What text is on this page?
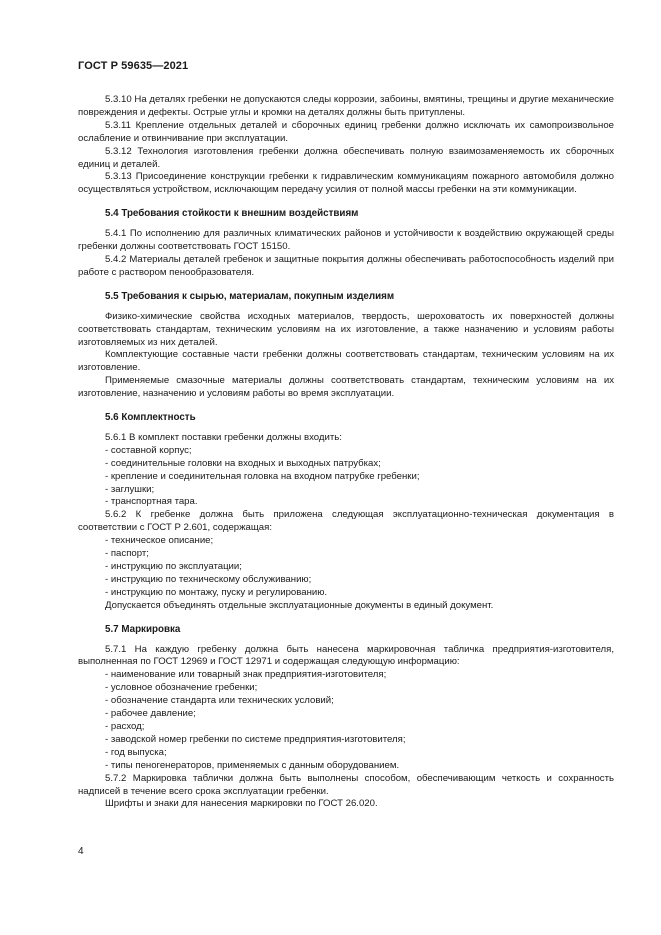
ГОСТ Р 59635—2021

5.3.10 На деталях гребенки не допускаются следы коррозии, забоины, вмятины, трещины и другие механические повреждения и дефекты. Острые углы и кромки на деталях должны быть притуплены.

5.3.11 Крепление отдельных деталей и сборочных единиц гребенки должно исключать их самопроизвольное ослабление и отвинчивание при эксплуатации.

5.3.12 Технология изготовления гребенки должна обеспечивать полную взаимозаменяемость их сборочных единиц и деталей.

5.3.13 Присоединение конструкции гребенки к гидравлическим коммуникациям пожарного автомобиля должно осуществляться устройством, исключающим передачу усилия от полной массы гребенки на эти коммуникации.

5.4 Требования стойкости к внешним воздействиям

5.4.1 По исполнению для различных климатических районов и устойчивости к воздействию окружающей среды гребенки должны соответствовать ГОСТ 15150.

5.4.2 Материалы деталей гребенок и защитные покрытия должны обеспечивать работоспособность изделий при работе с раствором пенообразователя.

5.5 Требования к сырью, материалам, покупным изделиям

Физико-химические свойства исходных материалов, твердость, шероховатость их поверхностей должны соответствовать стандартам, техническим условиям на их изготовление, а также назначению и условиям работы изготовляемых из них деталей.

Комплектующие составные части гребенки должны соответствовать стандартам, техническим условиям на их изготовление.

Применяемые смазочные материалы должны соответствовать стандартам, техническим условиям на их изготовление, назначению и условиям работы во время эксплуатации.

5.6 Комплектность

5.6.1 В комплект поставки гребенки должны входить:

- составной корпус;

- соединительные головки на входных и выходных патрубках;

- крепление и соединительная головка на входном патрубке гребенки;

- заглушки;

- транспортная тара.

5.6.2 К гребенке должна быть приложена следующая эксплуатационно-техническая документация в соответствии с ГОСТ Р 2.601, содержащая:

- техническое описание;

- паспорт;

- инструкцию по эксплуатации;

- инструкцию по техническому обслуживанию;

- инструкцию по монтажу, пуску и регулированию.

Допускается объединять отдельные эксплуатационные документы в единый документ.

5.7 Маркировка

5.7.1 На каждую гребенку должна быть нанесена маркировочная табличка предприятия-изготовителя, выполненная по ГОСТ 12969 и ГОСТ 12971 и содержащая следующую информацию:

- наименование или товарный знак предприятия-изготовителя;

- условное обозначение гребенки;

- обозначение стандарта или технических условий;

- рабочее давление;

- расход;

- заводской номер гребенки по системе предприятия-изготовителя;

- год выпуска;

- типы пеногенераторов, применяемых с данным оборудованием.

5.7.2 Маркировка таблички должна быть выполнены способом, обеспечивающим четкость и сохранность надписей в течение всего срока эксплуатации гребенки.

Шрифты и знаки для нанесения маркировки по ГОСТ 26.020.

4
